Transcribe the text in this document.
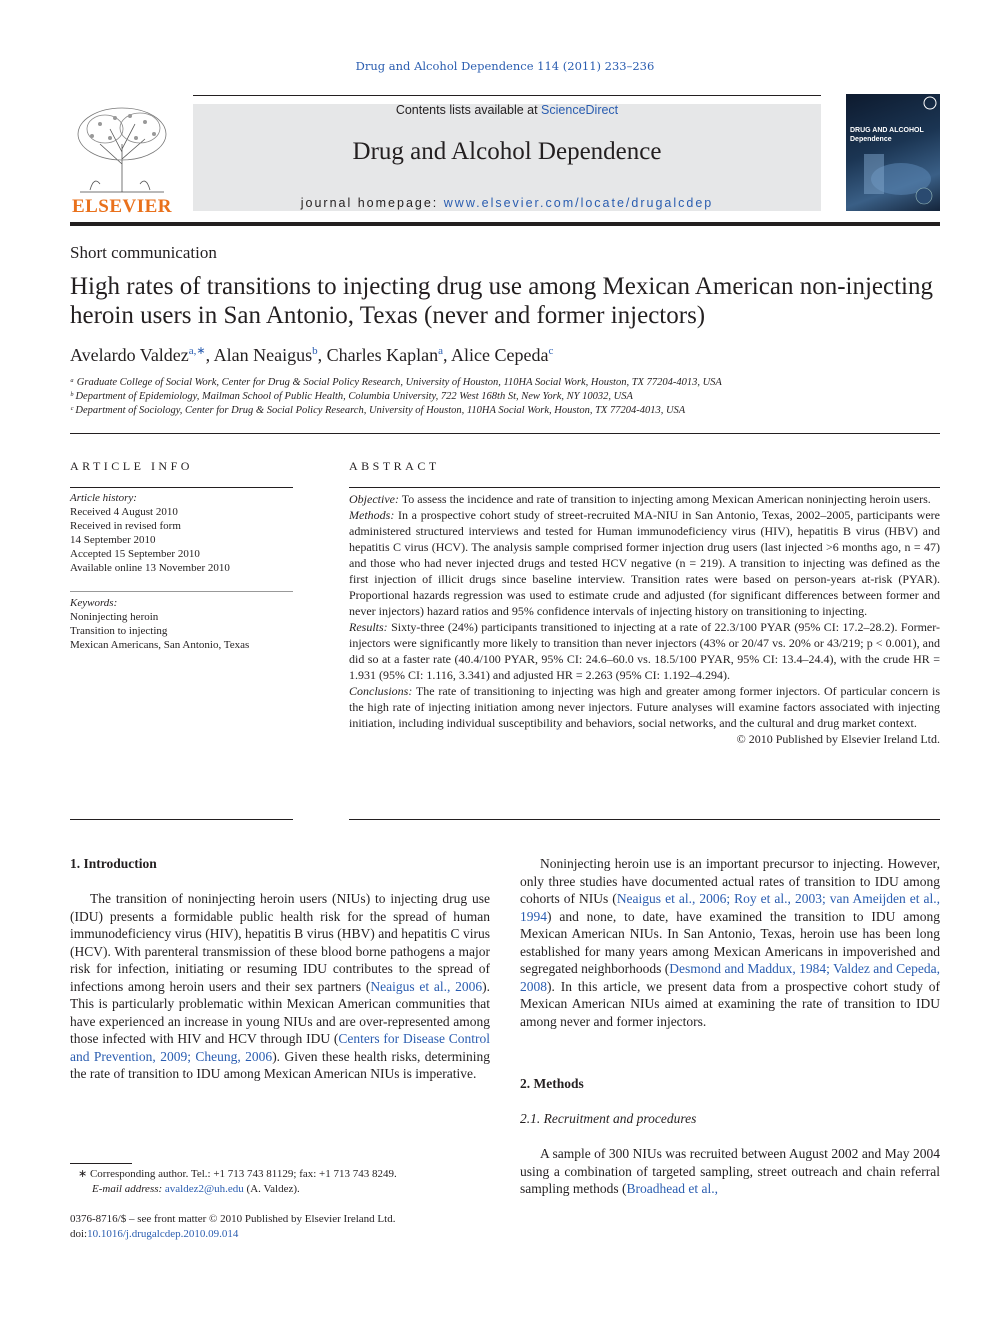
Drug and Alcohol Dependence 114 (2011) 233–236
ELSEVIER
Contents lists available at ScienceDirect
Drug and Alcohol Dependence
journal homepage: www.elsevier.com/locate/drugalcdep
DRUG AND ALCOHOL Dependence
Short communication
High rates of transitions to injecting drug use among Mexican American non-injecting heroin users in San Antonio, Texas (never and former injectors)
Avelardo Valdez$^{a,∗}$, Alan Neaigus$^b$, Charles Kaplan$^a$, Alice Cepeda$^c$
ᵃ Graduate College of Social Work, Center for Drug & Social Policy Research, University of Houston, 110HA Social Work, Houston, TX 77204-4013, USA
ᵇ Department of Epidemiology, Mailman School of Public Health, Columbia University, 722 West 168th St, New York, NY 10032, USA
ᶜ Department of Sociology, Center for Drug & Social Policy Research, University of Houston, 110HA Social Work, Houston, TX 77204-4013, USA
ARTICLE INFO
Article history:
Received 4 August 2010
Received in revised form
14 September 2010
Accepted 15 September 2010
Available online 13 November 2010
Keywords:
Noninjecting heroin
Transition to injecting
Mexican Americans, San Antonio, Texas
ABSTRACT

Objective: To assess the incidence and rate of transition to injecting among Mexican American noninjecting heroin users.

Methods: In a prospective cohort study of street-recruited MA-NIU in San Antonio, Texas, 2002–2005, participants were administered structured interviews and tested for Human immunodeficiency virus (HIV), hepatitis B virus (HBV) and hepatitis C virus (HCV). The analysis sample comprised former injection drug users (last injected >6 months ago, n = 47) and those who had never injected drugs and tested HCV negative (n = 219). A transition to injecting was defined as the first injection of illicit drugs since baseline interview. Transition rates were based on person-years at-risk (PYAR). Proportional hazards regression was used to estimate crude and adjusted (for significant differences between former and never injectors) hazard ratios and 95% confidence intervals of injecting history on transitioning to injecting.

Results: Sixty-three (24%) participants transitioned to injecting at a rate of 22.3/100 PYAR (95% CI: 17.2–28.2). Former-injectors were significantly more likely to transition than never injectors (43% or 20/47 vs. 20% or 43/219; p < 0.001), and did so at a faster rate (40.4/100 PYAR, 95% CI: 24.6–60.0 vs. 18.5/100 PYAR, 95% CI: 13.4–24.4), with the crude HR = 1.931 (95% CI: 1.116, 3.341) and adjusted HR = 2.263 (95% CI: 1.192–4.294).

Conclusions: The rate of transitioning to injecting was high and greater among former injectors. Of particular concern is the high rate of injecting initiation among never injectors. Future analyses will examine factors associated with injecting initiation, including individual susceptibility and behaviors, social networks, and the cultural and drug market context.

© 2010 Published by Elsevier Ireland Ltd.

1. Introduction

The transition of noninjecting heroin users (NIUs) to injecting drug use (IDU) presents a formidable public health risk for the spread of human immunodeficiency virus (HIV), hepatitis B virus (HBV) and hepatitis C virus (HCV). With parenteral transmission of these blood borne pathogens a major risk for infection, initiating or resuming IDU contributes to the spread of infections among heroin users and their sex partners (Neaigus et al., 2006). This is particularly problematic within Mexican American communities that have experienced an increase in young NIUs and are over-represented among those infected with HIV and HCV through IDU (Centers for Disease Control and Prevention, 2009; Cheung, 2006). Given these health risks, determining the rate of transition to IDU among Mexican American NIUs is imperative.

∗ Corresponding author. Tel.: +1 713 743 81129; fax: +1 713 743 8249.
E-mail address: avaldez2@uh.edu (A. Valdez).
0376-8716/$ – see front matter © 2010 Published by Elsevier Ireland Ltd.
doi:10.1016/j.drugalcdep.2010.09.014

Noninjecting heroin use is an important precursor to injecting. However, only three studies have documented actual rates of transition to IDU among cohorts of NIUs (Neaigus et al., 2006; Roy et al., 2003; van Ameijden et al., 1994) and none, to date, have examined the transition to IDU among Mexican American NIUs. In San Antonio, Texas, heroin use has been long established for many years among Mexican Americans in impoverished and segregated neighborhoods (Desmond and Maddux, 1984; Valdez and Cepeda, 2008). In this article, we present data from a prospective cohort study of Mexican American NIUs aimed at examining the rate of transition to IDU among never and former injectors.

2. Methods
2.1. Recruitment and procedures

A sample of 300 NIUs was recruited between August 2002 and May 2004 using a combination of targeted sampling, street outreach and chain referral sampling methods (Broadhead et al.,
